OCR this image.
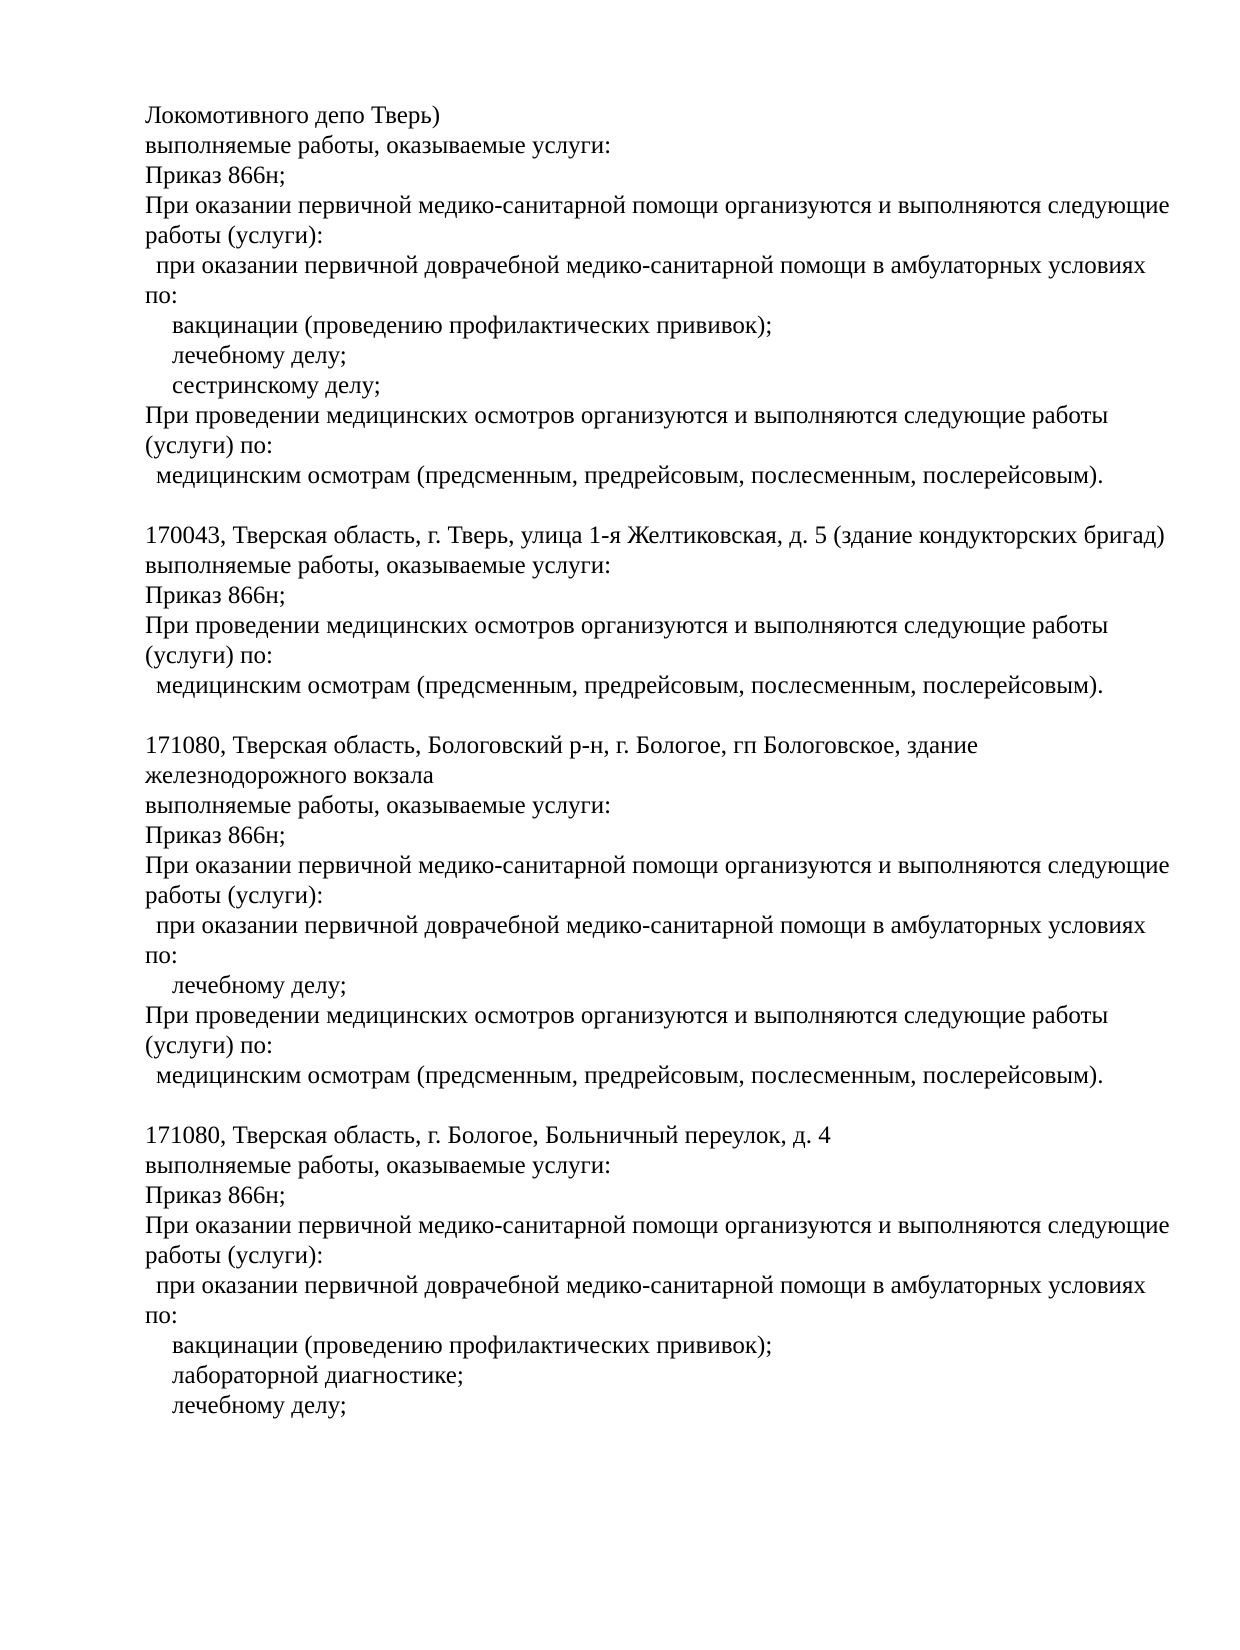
Локомотивного депо Тверь)
выполняемые работы, оказываемые услуги:
Приказ 866н;
При оказании первичной медико-санитарной помощи организуются и выполняются следующие
работы (услуги):
при оказании первичной доврачебной медико-санитарной помощи в амбулаторных условиях
по:
вакцинации (проведению профилактических прививок);
лечебному делу;
сестринскому делу;
При проведении медицинских осмотров организуются и выполняются следующие работы
(услуги) по:
медицинским осмотрам (предсменным, предрейсовым, послесменным, послерейсовым).
170043, Тверская область, г. Тверь, улица 1-я Желтиковская, д. 5 (здание кондукторских бригад)
выполняемые работы, оказываемые услуги:
Приказ 866н;
При проведении медицинских осмотров организуются и выполняются следующие работы
(услуги) по:
медицинским осмотрам (предсменным, предрейсовым, послесменным, послерейсовым).
171080, Тверская область, Бологовский р-н, г. Бологое, гп Бологовское, здание
железнодорожного вокзала
выполняемые работы, оказываемые услуги:
Приказ 866н;
При оказании первичной медико-санитарной помощи организуются и выполняются следующие
работы (услуги):
при оказании первичной доврачебной медико-санитарной помощи в амбулаторных условиях
по:
лечебному делу;
При проведении медицинских осмотров организуются и выполняются следующие работы
(услуги) по:
медицинским осмотрам (предсменным, предрейсовым, послесменным, послерейсовым).
171080, Тверская область, г. Бологое, Больничный переулок, д. 4
выполняемые работы, оказываемые услуги:
Приказ 866н;
При оказании первичной медико-санитарной помощи организуются и выполняются следующие
работы (услуги):
при оказании первичной доврачебной медико-санитарной помощи в амбулаторных условиях
по:
вакцинации (проведению профилактических прививок);
лабораторной диагностике;
лечебному делу;
